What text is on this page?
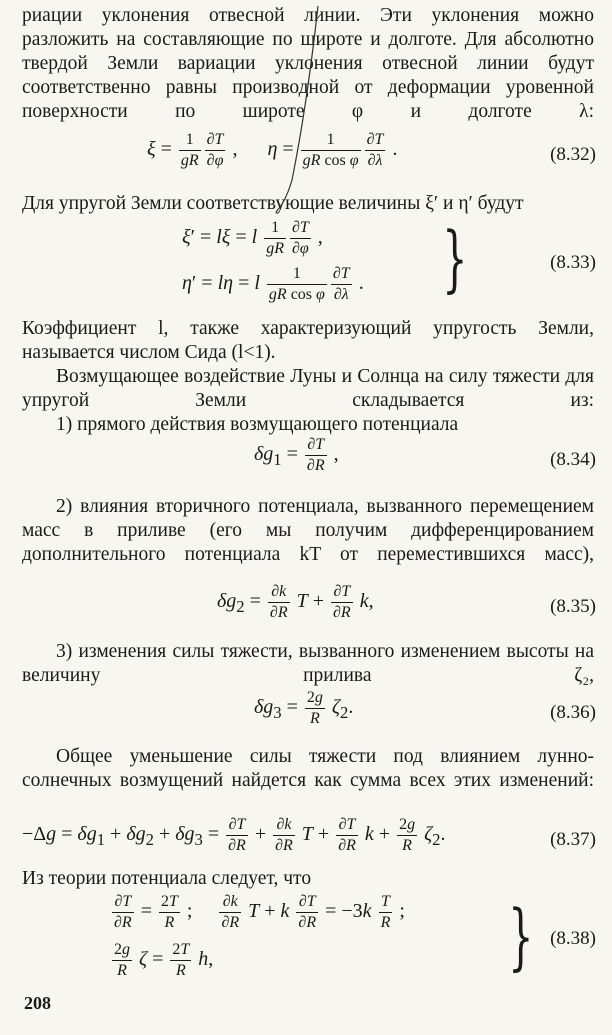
риации уклонения отвесной линии. Эти уклонения можно разложить на составляющие по широте и долготе. Для абсолютно твердой Земли вариации уклонения отвесной линии будут соответственно равны производной от деформации уровенной поверхности по широте φ и долготе λ:
$\xi = \frac{1}{gR} \frac{\partial T}{\partial\varphi}$ ,      $\eta = \frac{1}{\text{gR cos φ}} \frac{\partial T}{\partial\lambda}$ .	(8.32)
Для упругой Земли соответствующие величины ξ′ и η′ будут
ξ′ = lξ = l $\frac{1}{gR} \frac{\partial T}{\partial\varphi}$ ,
η′ = lη = l $\frac{1}{\text{gR cos φ}} \frac{\partial T}{\partial\lambda}$ . }	(8.33)
Коэффициент l, также характеризующий упругость Земли, называется числом Сида (l<1).
Возмущающее воздействие Луны и Солнца на силу тяжести для упругой Земли складывается из:
1) прямого действия возмущающего потенциала
$\delta g_1 = \frac{\partial T}{\partial R}$ ,	(8.34)
2) влияния вторичного потенциала, вызванного перемещением масс в приливе (его мы получим дифференцированием дополнительного потенциала kT от переместившихся масс),
$\delta g_2 = \frac{\partial k}{\partial R}$ $T + \frac{\partial T}{\partial R} k$,	(8.35)
3) изменения силы тяжести, вызванного изменением высоты на величину прилива ζ₂,
$\delta g_3 = \frac{2g}{R} \zeta_2$.	(8.36)
Общее уменьшение силы тяжести под влиянием лунно-солнечных возмущений найдется как сумма всех этих изменений:
$-\Delta g = \delta g_1 + \delta g_2 + \delta g_3 = \frac{\partial T}{\partial R} + \frac{\partial k}{\partial R}$ $T + \frac{\partial T}{\partial R}$ $k + \frac{2g}{R} \zeta_2$.	(8.37)
Из теории потенциала следует, что
$\frac{\partial T}{\partial R} = \frac{2T}{R}$ ; $\frac{\partial k}{\partial R}$ T + k $\frac{\partial T}{\partial R} = -3k \frac{T}{R}$ ;
$\frac{2g}{R}$ $\zeta = \frac{2T}{R} h$,	} (8.38)
208
